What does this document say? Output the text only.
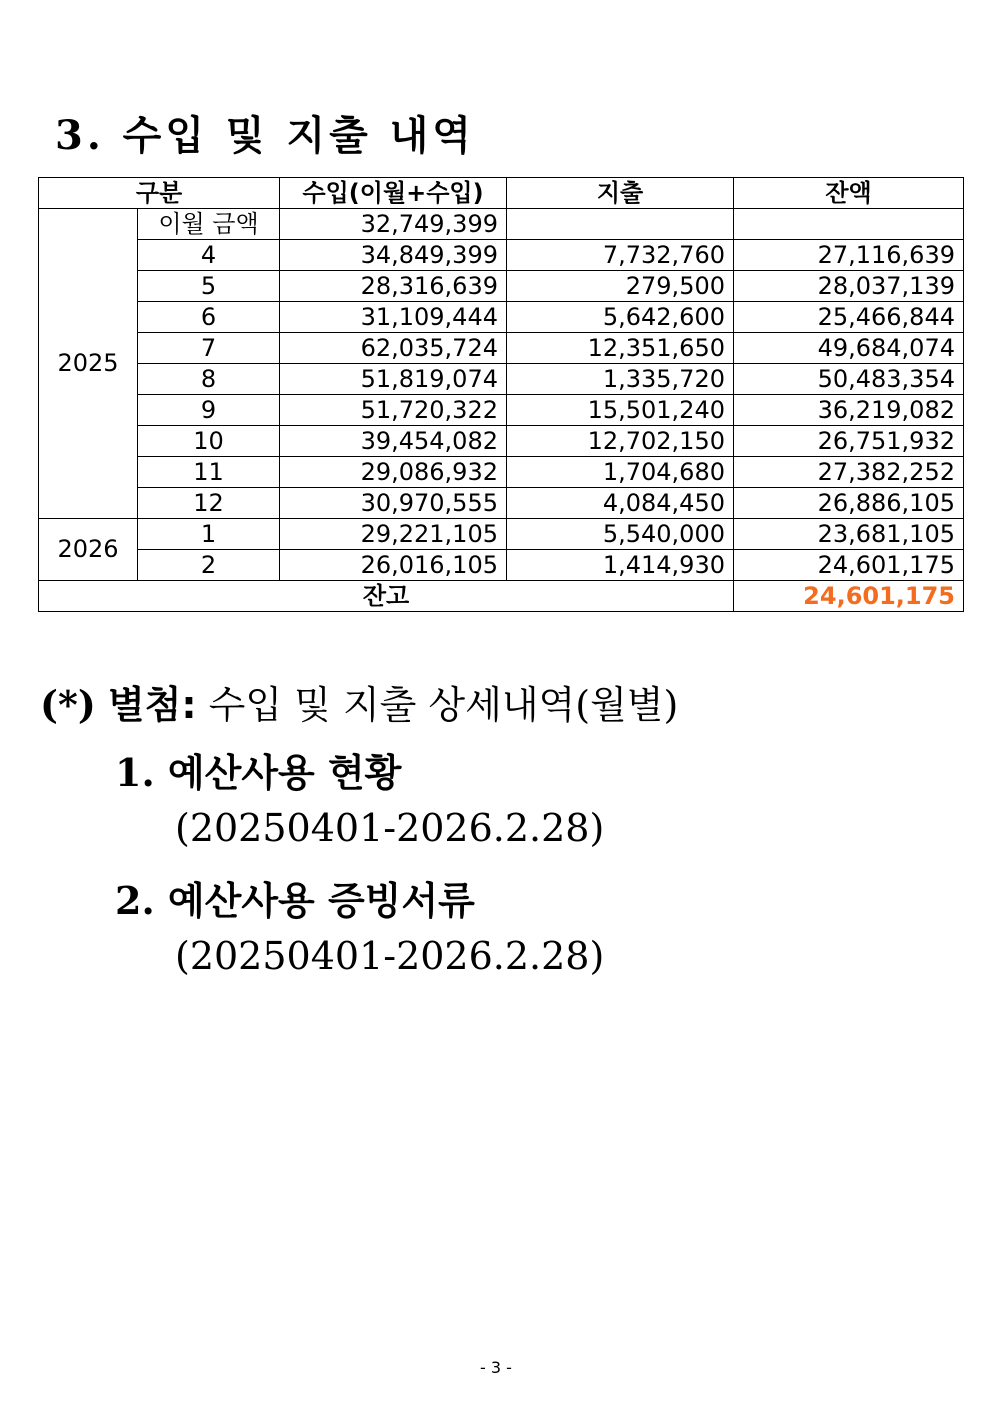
3. 수입 및 지출 내역
구분		수입(이월+수입)	지출	잔액
2025	이월 금액	32,749,399		
	4	34,849,399	7,732,760	27,116,639
	5	28,316,639	279,500	28,037,139
	6	31,109,444	5,642,600	25,466,844
	7	62,035,724	12,351,650	49,684,074
	8	51,819,074	1,335,720	50,483,354
	9	51,720,322	15,501,240	36,219,082
	10	39,454,082	12,702,150	26,751,932
	11	29,086,932	1,704,680	27,382,252
	12	30,970,555	4,084,450	26,886,105
2026	1	29,221,105	5,540,000	23,681,105
	2	26,016,105	1,414,930	24,601,175
잔고				24,601,175
(*) 별첨: 수입 및 지출 상세내역(월별)
1. 예산사용 현황
(20250401-2026.2.28)
2. 예산사용 증빙서류
(20250401-2026.2.28)
- 3 -
